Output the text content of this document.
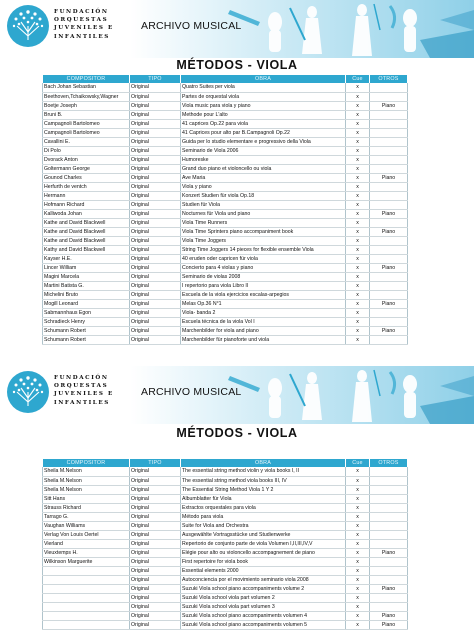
FUNDACIÓN
ORQUESTAS
JUVENILES E
INFANTILES
ARCHIVO MUSICAL
MÉTODOS - VIOLA
COMPOSITOR	TIPO	OBRA	Cue	OTROS
Bach Johan Sebastian	Original	Quatro Suites per viola	x	
Beethoven,Tchaikowsky,Wagner	Original	Partes de orquestal viola	x	
Boetje Joseph	Original	Viola music para viola y piano	x	Piano
Bruni B.	Original	Methode pour L'alto	x	
Campagnoli Bartolomeo	Original	41 caprices Op.22 para viola	x	
Campagnoli Bartolomeo	Original	41 Caprices pour alto par B.Campagnoli Op.22	x	
Cavallini E.	Original	Guida per lo studio elementare e progressivo della Viola	x	
Di Polo	Original	Seminario de Viola 2006	x	
Dvorack Anton	Original	Humoreske	x	
Goltermann George	Original	Grand duo piano et violoncello ou viola	x	
Gounod Charles	Original	Ave Maria	x	Piano
Herfurth de ventch	Original	Viola y piano	x	
Hermann	Original	Konzert Studien für viola Op.18	x	
Hofmann Richard	Original	Studien für Viola	x	
Kalliwoda Johan	Original	Nocturnes für Viola und piano	x	Piano
Kathe and David Blackwell	Original	Viola Time Runners	x	
Kathe and David Blackwell	Original	Viola Time Sprinters piano accompaniment book	x	Piano
Kathe and David Blackwell	Original	Viola Time Joggers	x	
Kathy and David Blackwell	Original	String Time Joggers 14 pieces for flexible ensemble Viola	x	
Kayser H.E.	Original	40 eruden oder capricen für viola	x	
Lincer William	Original	Concierto para 4 violas y piano	x	Piano
Magini Marcela	Original	Seminario de violas 2008	x	
Martini Batista G.	Original	I repertorio para viola Libro II	x	
Michelini Bruto	Original	Escuela de la viola ejercicios escalas-arpegios	x	
Mogill Leonard	Original	Melas Op.36 N°1	x	Piano
Sabmannhaus Egon	Original	Viola- banda 2	x	
Schradieck Henry	Original	Escuela técnica de la viola Vol I	x	
Schumann Robert	Original	Marchenbilder for viola and piano	x	Piano
Schumann Robert	Original	Marchenbilder für pianoforte und viola	x	
FUNDACIÓN
ORQUESTAS
JUVENILES E
INFANTILES
ARCHIVO MUSICAL
MÉTODOS - VIOLA
COMPOSITOR	TIPO	OBRA	Cue	OTROS
Sheila M.Nelson	Original	The essential string method violin y viola books I, II	x	
Sheila M.Nelson	Original	The essential string method viola books III, IV	x	
Sheila M.Nelson	Original	The Essential String Method Viola 1 Y 2	x	
Sitt Hans	Original	Albumblatter für Viola	x	
Strauss Richard	Original	Extractos orquestales para viola	x	
Tarrago G.	Original	Método para viola	x	
Vaughan Williams	Original	Suite for Viola and Orchestra	x	
Verlag Von Louis Oertel	Original	Ausgewählte Vortragsstücke und Studienwerke	x	
Vierland	Original	Repertorio de conjunto parte de viola Volumen I,II,III,IV,V	x	
Vieuxtemps H.	Original	Elégie pour alto ou violoncello accompagnement de piano	x	Piano
Wilkinson Marguerite	Original	First repertoire for viola book	x	
	Original	Essential elements 2000	x	
	Original	Autoconciencia por el movimiento seminario viola 2008	x	
	Original	Suzuki Viola school piano accompaniments volume 2	x	Piano
	Original	Suzuki Viola school viola part volumen 2	x	
	Original	Suzuki Viola school viola part volumen 3	x	
	Original	Suzuki Viola school piano accompaniments volumen 4	x	Piano
	Original	Suzuki Viola school piano accompaniments volumen 5	x	Piano
